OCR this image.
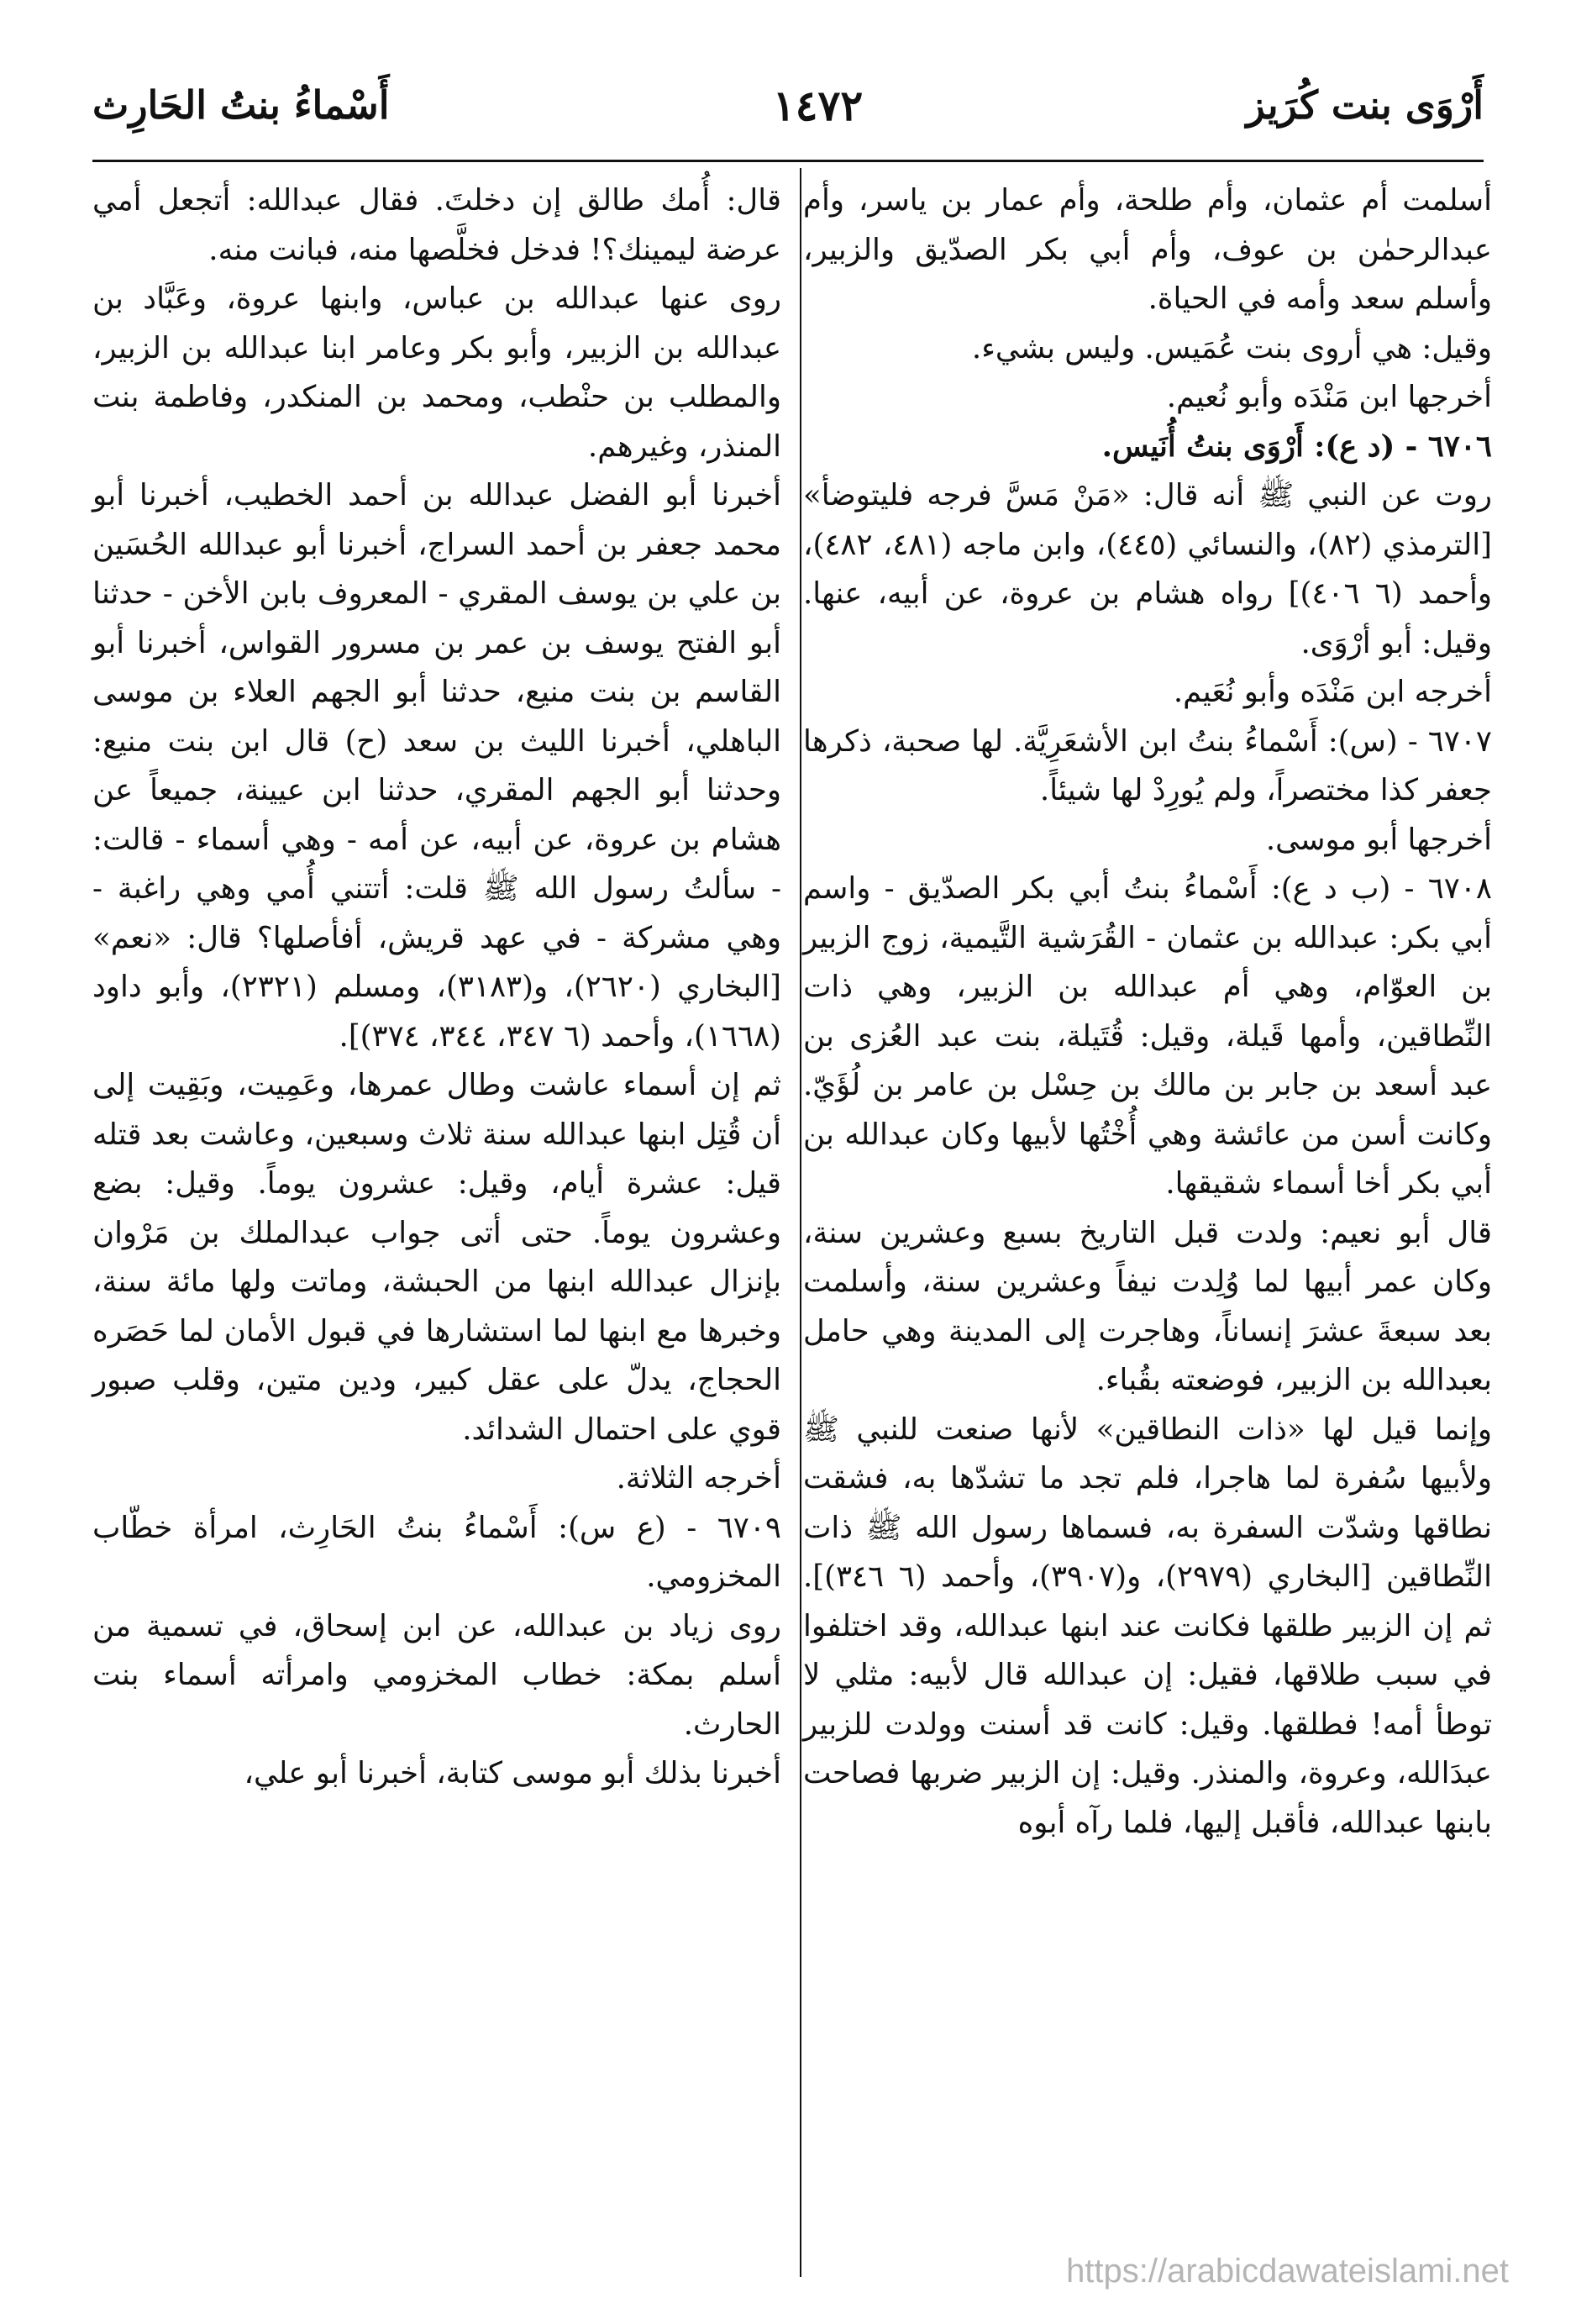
أَرْوَى بنت كُرَيز
١٤٧٢
أَسْماءُ بنتُ الحَارِث

أسلمت أم عثمان، وأم طلحة، وأم عمار بن ياسر، وأم عبدالرحمٰن بن عوف، وأم أبي بكر الصدّيق والزبير، وأسلم سعد وأمه في الحياة.

وقيل: هي أروى بنت عُمَيس. وليس بشيء.

أخرجها ابن مَنْدَه وأبو نُعيم.

٦٧٠٦ - (د ع): أَرْوَى بنتُ أُنَيس.

روت عن النبي ﷺ أنه قال: «مَنْ مَسَّ فرجه فليتوضأ» [الترمذي (٨٢)، والنسائي (٤٤٥)، وابن ماجه (٤٨١، ٤٨٢)، وأحمد (٦ ٤٠٦)] رواه هشام بن عروة، عن أبيه، عنها. وقيل: أبو أرْوَى.

أخرجه ابن مَنْدَه وأبو نُعَيم.

٦٧٠٧ - (س): أَسْماءُ بنتُ ابن الأشعَرِيَّة. لها صحبة، ذكرها جعفر كذا مختصراً، ولم يُورِدْ لها شيئاً.

أخرجها أبو موسى.

٦٧٠٨ - (ب د ع): أَسْماءُ بنتُ أبي بكر الصدّيق - واسم أبي بكر: عبدالله بن عثمان - القُرَشية التَّيمية، زوج الزبير بن العوّام، وهي أم عبدالله بن الزبير، وهي ذات النِّطاقين، وأمها قَيلة، وقيل: قُتَيلة، بنت عبد العُزى بن عبد أسعد بن جابر بن مالك بن حِسْل بن عامر بن لُؤَيّ. وكانت أسن من عائشة وهي أُخْتُها لأبيها وكان عبدالله بن أبي بكر أخا أسماء شقيقها.

قال أبو نعيم: ولدت قبل التاريخ بسبع وعشرين سنة، وكان عمر أبيها لما وُلِدت نيفاً وعشرين سنة، وأسلمت بعد سبعةَ عشرَ إنساناً، وهاجرت إلى المدينة وهي حامل بعبدالله بن الزبير، فوضعته بقُباء.

وإنما قيل لها «ذات النطاقين» لأنها صنعت للنبي ﷺ ولأبيها سُفرة لما هاجرا، فلم تجد ما تشدّها به، فشقت نطاقها وشدّت السفرة به، فسماها رسول الله ﷺ ذات النِّطاقين [البخاري (٢٩٧٩)، و(٣٩٠٧)، وأحمد (٦ ٣٤٦)]. ثم إن الزبير طلقها فكانت عند ابنها عبدالله، وقد اختلفوا في سبب طلاقها، فقيل: إن عبدالله قال لأبيه: مثلي لا توطأ أمه! فطلقها. وقيل: كانت قد أسنت وولدت للزبير عبدَالله، وعروة، والمنذر. وقيل: إن الزبير ضربها فصاحت بابنها عبدالله، فأقبل إليها، فلما رآه أبوه

قال: أُمك طالق إن دخلتَ. فقال عبدالله: أتجعل أمي عرضة ليمينك؟! فدخل فخلَّصها منه، فبانت منه.

روى عنها عبدالله بن عباس، وابنها عروة، وعَبَّاد بن عبدالله بن الزبير، وأبو بكر وعامر ابنا عبدالله بن الزبير، والمطلب بن حنْطب، ومحمد بن المنكدر، وفاطمة بنت المنذر، وغيرهم.

أخبرنا أبو الفضل عبدالله بن أحمد الخطيب، أخبرنا أبو محمد جعفر بن أحمد السراج، أخبرنا أبو عبدالله الحُسَين بن علي بن يوسف المقري - المعروف بابن الأخن - حدثنا أبو الفتح يوسف بن عمر بن مسرور القواس، أخبرنا أبو القاسم بن بنت منيع، حدثنا أبو الجهم العلاء بن موسى الباهلي، أخبرنا الليث بن سعد (ح) قال ابن بنت منيع: وحدثنا أبو الجهم المقري، حدثنا ابن عيينة، جميعاً عن هشام بن عروة، عن أبيه، عن أمه - وهي أسماء - قالت: - سألتُ رسول الله ﷺ قلت: أتتني أُمي وهي راغبة - وهي مشركة - في عهد قريش، أفأصلها؟ قال: «نعم» [البخاري (٢٦٢٠)، و(٣١٨٣)، ومسلم (٢٣٢١)، وأبو داود (١٦٦٨)، وأحمد (٦ ٣٤٧، ٣٤٤، ٣٧٤)].

ثم إن أسماء عاشت وطال عمرها، وعَمِيت، وبَقِيت إلى أن قُتِل ابنها عبدالله سنة ثلاث وسبعين، وعاشت بعد قتله قيل: عشرة أيام، وقيل: عشرون يوماً. وقيل: بضع وعشرون يوماً. حتى أتى جواب عبدالملك بن مَرْوان بإنزال عبدالله ابنها من الحبشة، وماتت ولها مائة سنة، وخبرها مع ابنها لما استشارها في قبول الأمان لما حَصَره الحجاج، يدلّ على عقل كبير، ودين متين، وقلب صبور قوي على احتمال الشدائد.

أخرجه الثلاثة.

٦٧٠٩ - (ع س): أَسْماءُ بنتُ الحَارِث، امرأة خطّاب المخزومي.

روى زياد بن عبدالله، عن ابن إسحاق، في تسمية من أسلم بمكة: خطاب المخزومي وامرأته أسماء بنت الحارث.

أخبرنا بذلك أبو موسى كتابة، أخبرنا أبو علي،

https://arabicdawateislami.net
